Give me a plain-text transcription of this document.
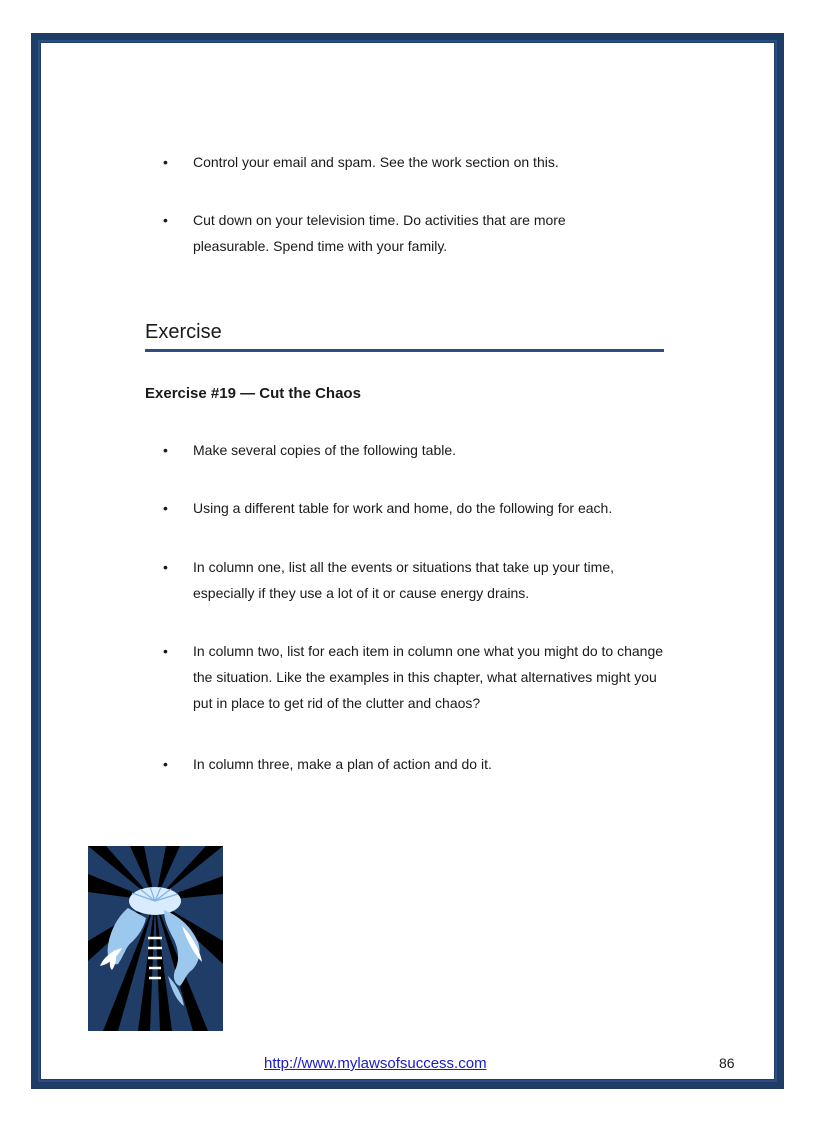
• Control your email and spam. See the work section on this.
• Cut down on your television time. Do activities that are more pleasurable. Spend time with your family.
Exercise
Exercise #19 — Cut the Chaos
• Make several copies of the following table.
• Using a different table for work and home, do the following for each.
• In column one, list all the events or situations that take up your time, especially if they use a lot of it or cause energy drains.
• In column two, list for each item in column one what you might do to change the situation. Like the examples in this chapter, what alternatives might you put in place to get rid of the clutter and chaos?
• In column three, make a plan of action and do it.
http://www.mylawsofsuccess.com	86
